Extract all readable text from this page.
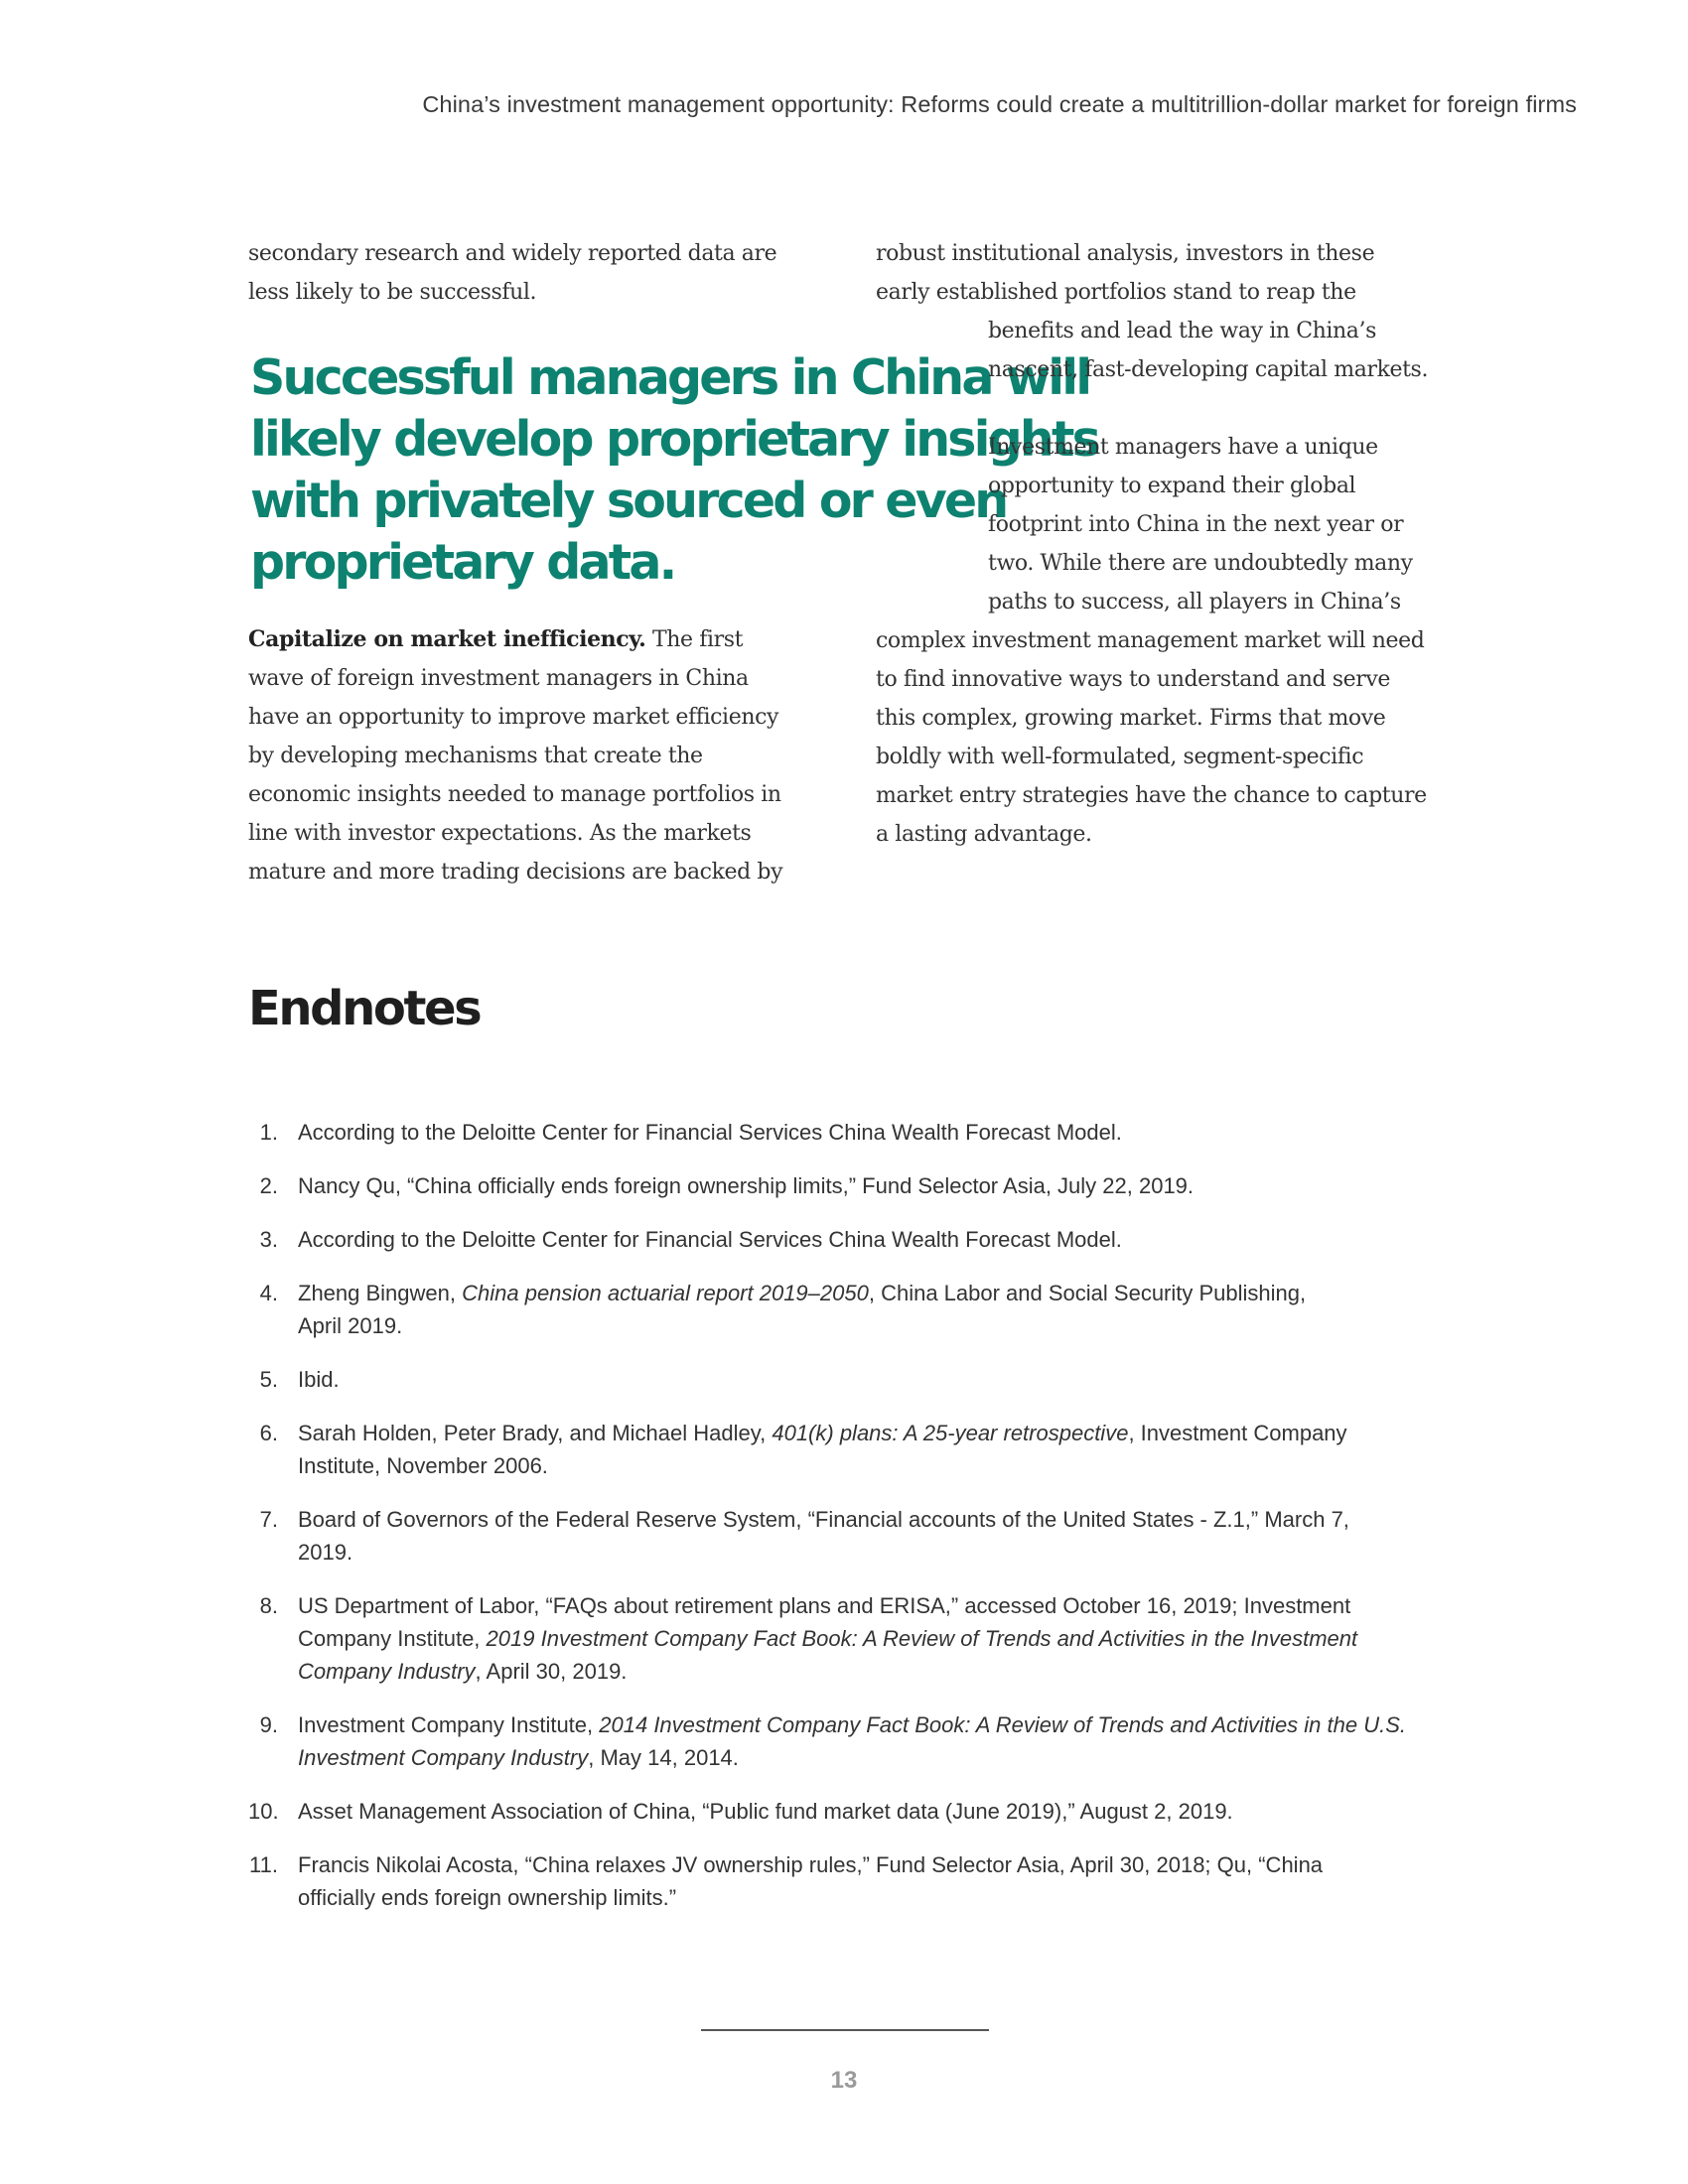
China’s investment management opportunity: Reforms could create a multitrillion-dollar market for foreign firms
secondary research and widely reported data are
less likely to be successful.
Successful managers in China will
likely develop proprietary insights
with privately sourced or even
proprietary data.
Capitalize on market inefficiency. The first
wave of foreign investment managers in China
have an opportunity to improve market efficiency
by developing mechanisms that create the
economic insights needed to manage portfolios in
line with investor expectations. As the markets
mature and more trading decisions are backed by
robust institutional analysis, investors in these
early established portfolios stand to reap the
benefits and lead the way in China’s
nascent, fast-developing capital markets.
Investment managers have a unique
opportunity to expand their global
footprint into China in the next year or
two. While there are undoubtedly many
paths to success, all players in China’s
complex investment management market will need
to find innovative ways to understand and serve
this complex, growing market. Firms that move
boldly with well-formulated, segment-specific
market entry strategies have the chance to capture
a lasting advantage.
Endnotes
1. According to the Deloitte Center for Financial Services China Wealth Forecast Model.
2. Nancy Qu, “China officially ends foreign ownership limits,” Fund Selector Asia, July 22, 2019.
3. According to the Deloitte Center for Financial Services China Wealth Forecast Model.
4. Zheng Bingwen, China pension actuarial report 2019–2050, China Labor and Social Security Publishing,
April 2019.
5. Ibid.
6. Sarah Holden, Peter Brady, and Michael Hadley, 401(k) plans: A 25-year retrospective, Investment Company
Institute, November 2006.
7. Board of Governors of the Federal Reserve System, “Financial accounts of the United States - Z.1,” March 7,
2019.
8. US Department of Labor, “FAQs about retirement plans and ERISA,” accessed October 16, 2019; Investment
Company Institute, 2019 Investment Company Fact Book: A Review of Trends and Activities in the Investment
Company Industry, April 30, 2019.
9. Investment Company Institute, 2014 Investment Company Fact Book: A Review of Trends and Activities in the U.S.
Investment Company Industry, May 14, 2014.
10. Asset Management Association of China, “Public fund market data (June 2019),” August 2, 2019.
11. Francis Nikolai Acosta, “China relaxes JV ownership rules,” Fund Selector Asia, April 30, 2018; Qu, “China
officially ends foreign ownership limits.”
13
